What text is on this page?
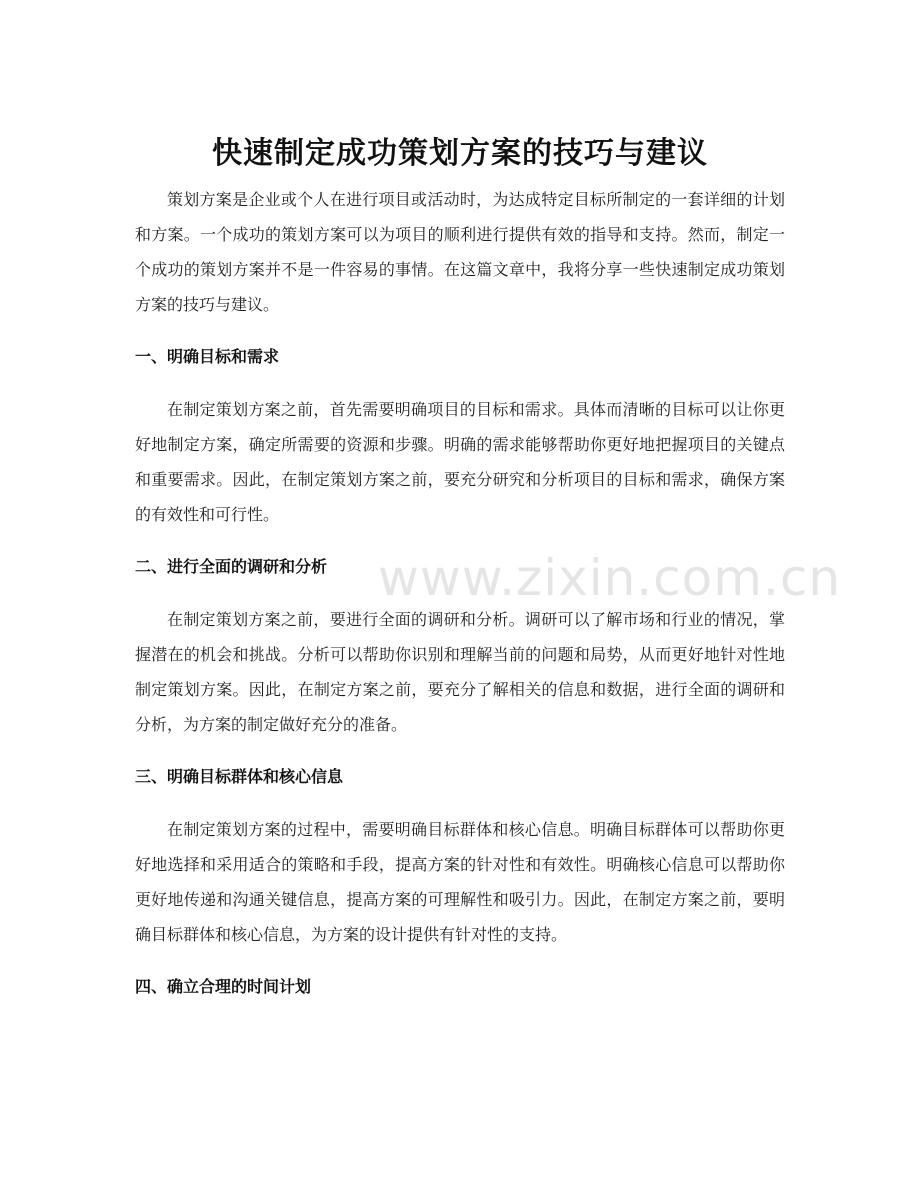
快速制定成功策划方案的技巧与建议

策划方案是企业或个人在进行项目或活动时，为达成特定目标所制定的一套详细的计划和方案。一个成功的策划方案可以为项目的顺利进行提供有效的指导和支持。然而，制定一个成功的策划方案并不是一件容易的事情。在这篇文章中，我将分享一些快速制定成功策划方案的技巧与建议。

一、明确目标和需求

在制定策划方案之前，首先需要明确项目的目标和需求。具体而清晰的目标可以让你更好地制定方案，确定所需要的资源和步骤。明确的需求能够帮助你更好地把握项目的关键点和重要需求。因此，在制定策划方案之前，要充分研究和分析项目的目标和需求，确保方案的有效性和可行性。

二、进行全面的调研和分析

在制定策划方案之前，要进行全面的调研和分析。调研可以了解市场和行业的情况，掌握潜在的机会和挑战。分析可以帮助你识别和理解当前的问题和局势，从而更好地针对性地制定策划方案。因此，在制定方案之前，要充分了解相关的信息和数据，进行全面的调研和分析，为方案的制定做好充分的准备。

三、明确目标群体和核心信息

在制定策划方案的过程中，需要明确目标群体和核心信息。明确目标群体可以帮助你更好地选择和采用适合的策略和手段，提高方案的针对性和有效性。明确核心信息可以帮助你更好地传递和沟通关键信息，提高方案的可理解性和吸引力。因此，在制定方案之前，要明确目标群体和核心信息，为方案的设计提供有针对性的支持。

四、确立合理的时间计划
www.zixin.com.cn
